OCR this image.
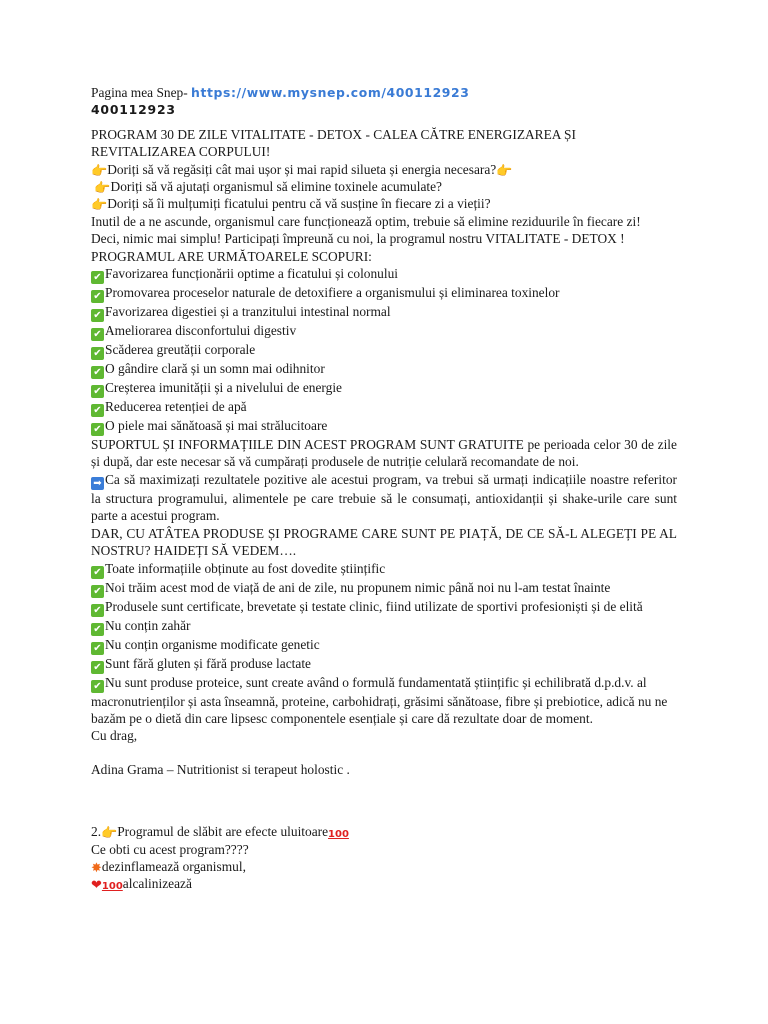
Pagina mea Snep- https://www.mysnep.com/400112923
400112923
PROGRAM 30 DE ZILE VITALITATE - DETOX - CALEA CĂTRE ENERGIZAREA ȘI REVITALIZAREA CORPULUI!
👉Doriți să vă regăsiți cât mai ușor și mai rapid silueta și energia necesara?👉
👉Doriți să vă ajutați organismul să elimine toxinele acumulate?
👉Doriți să îi mulțumiți ficatului pentru că vă susține în fiecare zi a vieții?
Inutil de a ne ascunde, organismul care funcționează optim, trebuie să elimine reziduurile în fiecare zi!
Deci, nimic mai simplu! Participați împreună cu noi, la programul nostru VITALITATE - DETOX !
PROGRAMUL ARE URMĂTOARELE SCOPURI:
✔ Favorizarea funcționării optime a ficatului și colonului
✔ Promovarea proceselor naturale de detoxifiere a organismului și eliminarea toxinelor
✔ Favorizarea digestiei și a tranzitului intestinal normal
✔ Ameliorarea disconfortului digestiv
✔ Scăderea greutății corporale
✔ O gândire clară și un somn mai odihnitor
✔ Creșterea imunității și a nivelului de energie
✔ Reducerea retenției de apă
✔ O piele mai sănătoasă și mai strălucitoare
SUPORTUL ȘI INFORMAȚIILE DIN ACEST PROGRAM SUNT GRATUITE pe perioada celor 30 de zile și după, dar este necesar să vă cumpărați produsele de nutriție celulară recomandate de noi.
➡ Ca să maximizați rezultatele pozitive ale acestui program, va trebui să urmați indicațiile noastre referitor la structura programului, alimentele pe care trebuie să le consumați, antioxidanții și shake-urile care sunt parte a acestui program.
DAR, CU ATÂTEA PRODUSE ȘI PROGRAME CARE SUNT PE PIAȚĂ, DE CE SĂ-L ALEGEȚI PE AL NOSTRU? HAIDEȚI SĂ VEDEM….
✔ Toate informațiile obținute au fost dovedite științific
✔ Noi trăim acest mod de viață de ani de zile, nu propunem nimic până noi nu l-am testat înainte
✔ Produsele sunt certificate, brevetate și testate clinic, fiind utilizate de sportivi profesioniști și de elită
✔ Nu conțin zahăr
✔ Nu conțin organisme modificate genetic
✔ Sunt fără gluten și fără produse lactate
✔ Nu sunt produse proteice, sunt create având o formulă fundamentată științific și echilibrată d.p.d.v. al macronutrienților și asta înseamnă, proteine, carbohidrați, grăsimi sănătoase, fibre și prebiotice, adică nu ne bazăm pe o dietă din care lipsesc componentele esențiale și care dă rezultate doar de moment.
Cu drag,
Adina Grama – Nutritionist si terapeut holostic .
2.👉Programul de slăbit are efecte uluitoare100
Ce obti cu acest program????
✸dezinflamează organismul,
❤100alcalinizează
